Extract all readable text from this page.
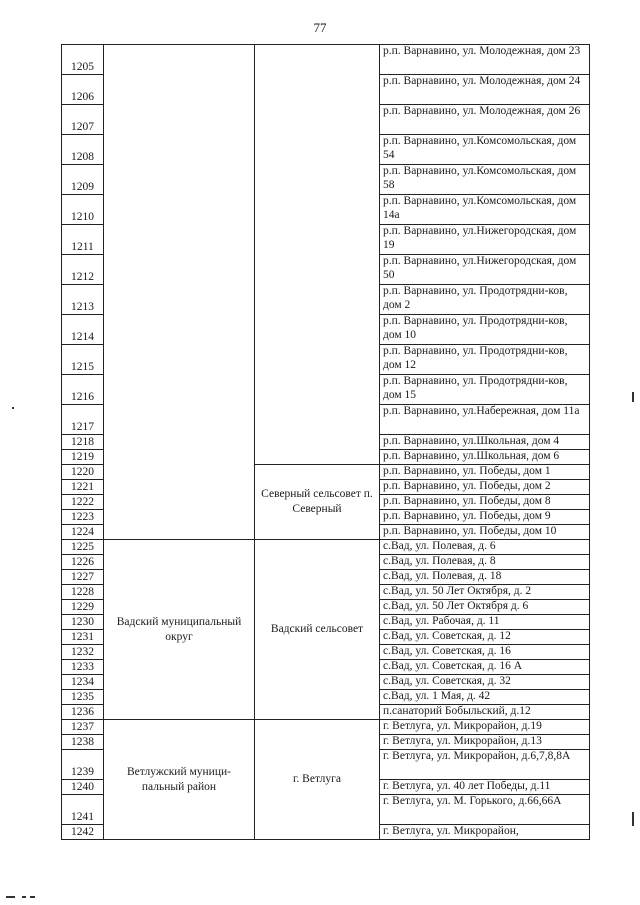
77
1205			р.п. Варнавино, ул. Молодежная, дом 23
1206			р.п. Варнавино, ул. Молодежная, дом 24
1207			р.п. Варнавино, ул. Молодежная, дом 26
1208			р.п. Варнавино, ул.Комсомольская, дом 54
1209			р.п. Варнавино, ул.Комсомольская, дом 58
1210			р.п. Варнавино, ул.Комсомольская, дом 14а
1211			р.п. Варнавино, ул.Нижегородская, дом 19
1212			р.п. Варнавино, ул.Нижегородская, дом 50
1213			р.п. Варнавино, ул. Продотрядни-ков, дом 2
1214			р.п. Варнавино, ул. Продотрядни-ков, дом 10
1215			р.п. Варнавино, ул. Продотрядни-ков, дом 12
1216			р.п. Варнавино, ул. Продотрядни-ков, дом 15
1217			р.п. Варнавино, ул.Набережная, дом 11а
1218			р.п. Варнавино, ул.Школьная, дом 4
1219			р.п. Варнавино, ул.Школьная, дом 6
1220		Северный сельсовет п. Северный	р.п. Варнавино, ул. Победы, дом 1
1221			р.п. Варнавино, ул. Победы, дом 2
1222			р.п. Варнавино, ул. Победы, дом 8
1223			р.п. Варнавино, ул. Победы, дом 9
1224			р.п. Варнавино, ул. Победы, дом 10
1225	Вадский муниципальный округ	Вадский сельсовет	с.Вад, ул. Полевая, д. 6
1226			с.Вад, ул. Полевая, д. 8
1227			с.Вад, ул. Полевая, д. 18
1228			с.Вад, ул. 50 Лет Октября, д. 2
1229			с.Вад, ул. 50 Лет Октября д. 6
1230			с.Вад, ул. Рабочая, д. 11
1231			с.Вад, ул. Советская, д. 12
1232			с.Вад, ул. Советская, д. 16
1233			с.Вад, ул. Советская, д. 16 А
1234			с.Вад, ул. Советская, д. 32
1235			с.Вад, ул. 1 Мая, д. 42
1236			п.санаторий Бобыльский, д.12
1237	Ветлужский муници-пальный район	г. Ветлуга	г. Ветлуга, ул. Микрорайон, д.19
1238			г. Ветлуга, ул. Микрорайон, д.13
1239			г. Ветлуга, ул. Микрорайон, д.6,7,8,8А
1240			г. Ветлуга, ул. 40 лет Победы, д.11
1241			г. Ветлуга, ул. М. Горького, д.66,66А
1242			г. Ветлуга, ул. Микрорайон,
